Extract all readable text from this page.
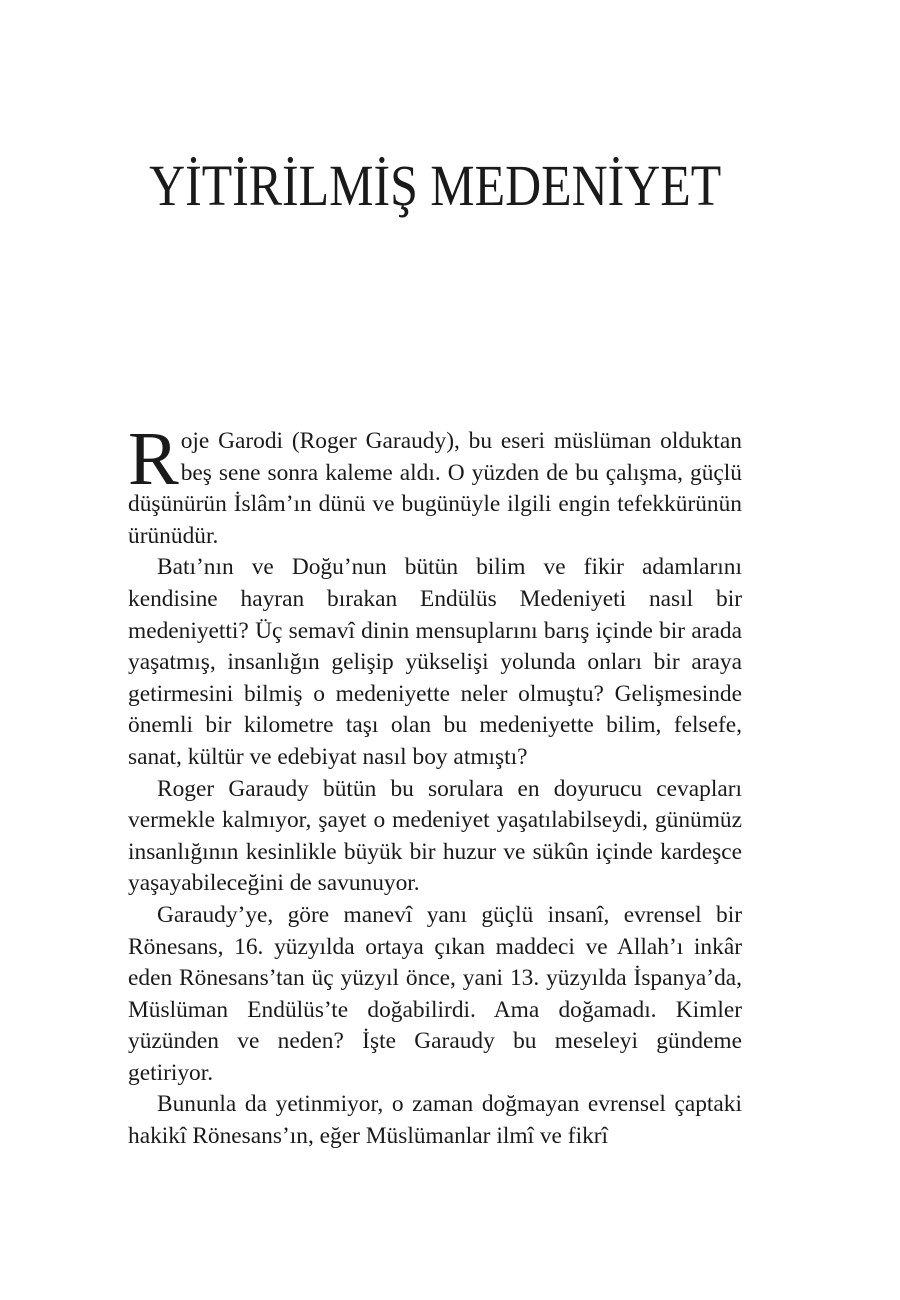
YİTİRİLMİŞ MEDENİYET

Roje Garodi (Roger Garaudy), bu eseri müslüman olduktan beş sene sonra kaleme aldı. O yüzden de bu çalışma, güçlü düşünürün İslâm’ın dünü ve bugünüyle ilgili engin tefekkürünün ürünüdür.

Batı’nın ve Doğu’nun bütün bilim ve fikir adamlarını kendisine hayran bırakan Endülüs Medeniyeti nasıl bir medeniyetti? Üç semavî dinin mensuplarını barış içinde bir arada yaşatmış, insanlığın gelişip yükselişi yolunda onları bir araya getirmesini bilmiş o medeniyette neler olmuştu? Gelişmesinde önemli bir kilometre taşı olan bu medeniyette bilim, felsefe, sanat, kültür ve edebiyat nasıl boy atmıştı?

Roger Garaudy bütün bu sorulara en doyurucu cevapları vermekle kalmıyor, şayet o medeniyet yaşatılabilseydi, günümüz insanlığının kesinlikle büyük bir huzur ve sükûn içinde kardeşce yaşayabileceğini de savunuyor.

Garaudy’ye, göre manevî yanı güçlü insanî, evrensel bir Rönesans, 16. yüzyılda ortaya çıkan maddeci ve Allah’ı inkâr eden Rönesans’tan üç yüzyıl önce, yani 13. yüzyılda İspanya’da, Müslüman Endülüs’te doğabilirdi. Ama doğamadı. Kimler yüzünden ve neden? İşte Garaudy bu meseleyi gündeme getiriyor.

Bununla da yetinmiyor, o zaman doğmayan evrensel çaptaki hakikî Rönesans’ın, eğer Müslümanlar ilmî ve fikrî
